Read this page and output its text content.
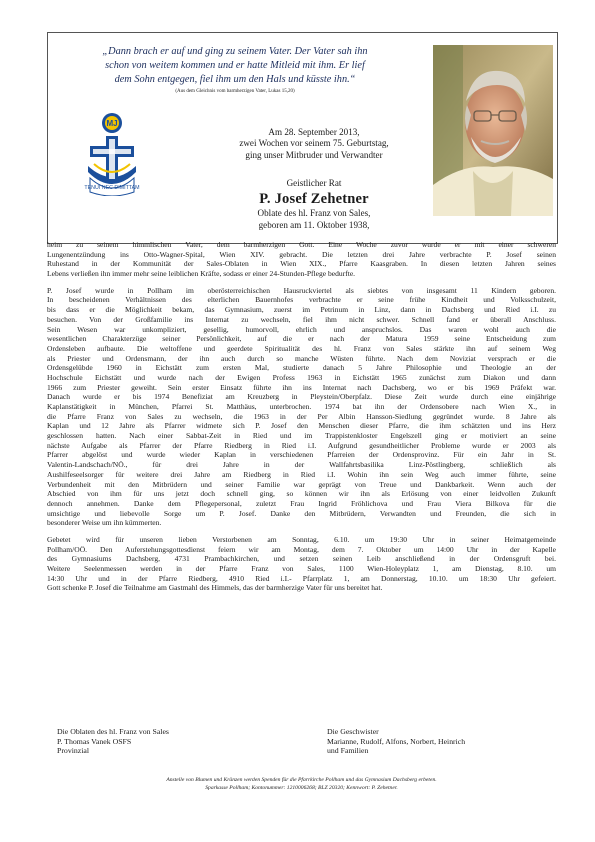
„Dann brach er auf und ging zu seinem Vater. Der Vater sah ihn
schon von weitem kommen und er hatte Mitleid mit ihm. Er lief
dem Sohn entgegen, fiel ihm um den Hals und küsste ihn.“
(Aus dem Gleichnis vom barmherzigen Vater, Lukas 15,20)
MJ
TENUI NEC DIMITTAM
Am 28. September 2013,
zwei Wochen vor seinem 75. Geburtstag,
ging unser Mitbruder und Verwandter
Geistlicher Rat
P. Josef Zehetner
Oblate des hl. Franz von Sales,
geboren am 11. Oktober 1938,

heim zu seinem himmlischen Vater, dem barmherzigen Gott. Eine Woche zuvor wurde er mit einer schweren
Lungenentzündung ins Otto-Wagner-Spital, Wien XIV. gebracht. Die letzten drei Jahre verbrachte P. Josef seinen
Ruhestand in der Kommunität der Sales-Oblaten in Wien XIX., Pfarre Kaasgraben. In diesen letzten Jahren seines
Lebens verließen ihn immer mehr seine leiblichen Kräfte, sodass er einer 24-Stunden-Pflege bedurfte.

P. Josef wurde in Pollham im oberösterreichischen Hausruckviertel als siebtes von insgesamt 11 Kindern geboren.
In bescheidenen Verhältnissen des elterlichen Bauernhofes verbrachte er seine frühe Kindheit und Volksschulzeit,
bis dass er die Möglichkeit bekam, das Gymnasium, zuerst im Petrinum in Linz, dann in Dachsberg und Ried i.I. zu
besuchen. Von der Großfamilie ins Internat zu wechseln, fiel ihm nicht schwer. Schnell fand er überall Anschluss.
Sein Wesen war unkompliziert, gesellig, humorvoll, ehrlich und anspruchslos. Das waren wohl auch die
wesentlichen Charakterzüge seiner Persönlichkeit, auf die er nach der Matura 1959 seine Entscheidung zum
Ordensleben aufbaute. Die weltoffene und geerdete Spiritualität des hl. Franz von Sales stärkte ihn auf seinem Weg
als Priester und Ordensmann, der ihn auch durch so manche Wüsten führte. Nach dem Noviziat versprach er die
Ordensgelübde 1960 in Eichstätt zum ersten Mal, studierte danach 5 Jahre Philosophie und Theologie an der
Hochschule Eichstätt und wurde nach der Ewigen Profess 1963 in Eichstätt 1965 zunächst zum Diakon und dann
1966 zum Priester geweiht. Sein erster Einsatz führte ihn ins Internat nach Dachsberg, wo er bis 1969 Präfekt war.
Danach wurde er bis 1974 Benefiziat am Kreuzberg in Pleystein/Oberpfalz. Diese Zeit wurde durch eine einjährige
Kaplanstätigkeit in München, Pfarrei St. Matthäus, unterbrochen. 1974 bat ihn der Ordensobere nach Wien X., in
die Pfarre Franz von Sales zu wechseln, die 1963 in der Per Albin Hansson-Siedlung gegründet wurde. 8 Jahre als
Kaplan und 12 Jahre als Pfarrer widmete sich P. Josef den Menschen dieser Pfarre, die ihm schätzten und ins Herz
geschlossen hatten. Nach einer Sabbat-Zeit in Ried und im Trappistenkloster Engelszell ging er motiviert an seine
nächste Aufgabe als Pfarrer der Pfarre Riedberg in Ried i.I. Aufgrund gesundheitlicher Probleme wurde er 2003 als
Pfarrer abgelöst und wurde wieder Kaplan in verschiedenen Pfarreien der Ordensprovinz. Für ein Jahr in St.
Valentin-Landschach/NÖ., für drei Jahre in der Wallfahrtsbasilika Linz-Pöstlingberg, schließlich als
Aushilfeseelsorger für weitere drei Jahre am Riedberg in Ried i.I. Wohin ihn sein Weg auch immer führte, seine
Verbundenheit mit den Mitbrüdern und seiner Familie war geprägt von Treue und Dankbarkeit. Wenn auch der
Abschied von ihm für uns jetzt doch schnell ging, so können wir ihn als Erlösung von einer leidvollen Zukunft
dennoch annehmen. Danke dem Pflegepersonal, zuletzt Frau Ingrid Fröhlichova und Frau Viera Bilkova für die
umsichtige und liebevolle Sorge um P. Josef. Danke den Mitbrüdern, Verwandten und Freunden, die sich in
besonderer Weise um ihn kümmerten.

Gebetet wird für unseren lieben Verstorbenen am Sonntag, 6.10. um 19:30 Uhr in seiner Heimatgemeinde
Pollham/OÖ. Den Auferstehungsgottesdienst feiern wir am Montag, dem 7. Oktober um 14:00 Uhr in der Kapelle
des Gymnasiums Dachsberg, 4731 Prambachkirchen, und setzen seinen Leib anschließend in der Ordensgruft bei.
Weitere Seelenmessen werden in der Pfarre Franz von Sales, 1100 Wien-Holeyplatz 1, am Dienstag, 8.10. um
14:30 Uhr und in der Pfarre Riedberg, 4910 Ried i.I.- Pfarrplatz 1, am Donnerstag, 10.10. um 18:30 Uhr gefeiert.
Gott schenke P. Josef die Teilnahme am Gastmahl des Himmels, das der barmherzige Vater für uns bereitet hat.

Die Oblaten des hl. Franz von Sales
P. Thomas Vanek OSFS
Provinzial
Die Geschwister
Marianne, Rudolf, Alfons, Norbert, Heinrich
und Familien
Anstelle von Blumen und Kränzen werden Spenden für die Pfarrkirche Pollham und das Gymnasium Dachsberg erbeten.
Sparkasse Pollham; Kontonummer: 1210006268; BLZ 20320; Kennwort: P. Zehetner.
